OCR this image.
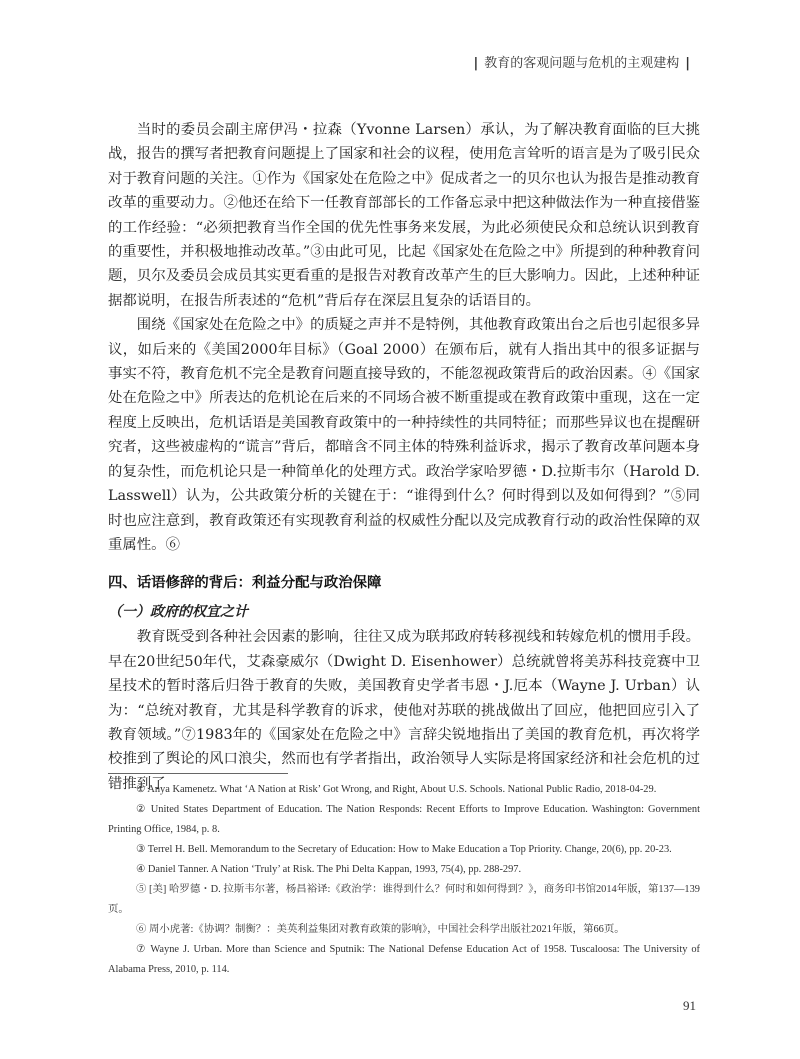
| 教育的客观问题与危机的主观建构 |

当时的委员会副主席伊冯・拉森（Yvonne Larsen）承认，为了解决教育面临的巨大挑战，报告的撰写者把教育问题提上了国家和社会的议程，使用危言耸听的语言是为了吸引民众对于教育问题的关注。①作为《国家处在危险之中》促成者之一的贝尔也认为报告是推动教育改革的重要动力。②他还在给下一任教育部部长的工作备忘录中把这种做法作为一种直接借鉴的工作经验：“必须把教育当作全国的优先性事务来发展，为此必须使民众和总统认识到教育的重要性，并积极地推动改革。”③由此可见，比起《国家处在危险之中》所提到的种种教育问题，贝尔及委员会成员其实更看重的是报告对教育改革产生的巨大影响力。因此，上述种种证据都说明，在报告所表述的“危机”背后存在深层且复杂的话语目的。

围绕《国家处在危险之中》的质疑之声并不是特例，其他教育政策出台之后也引起很多异议，如后来的《美国2000年目标》（Goal 2000）在颁布后，就有人指出其中的很多证据与事实不符，教育危机不完全是教育问题直接导致的，不能忽视政策背后的政治因素。④《国家处在危险之中》所表达的危机论在后来的不同场合被不断重提或在教育政策中重现，这在一定程度上反映出，危机话语是美国教育政策中的一种持续性的共同特征；而那些异议也在提醒研究者，这些被虚构的“谎言”背后，都暗含不同主体的特殊利益诉求，揭示了教育改革问题本身的复杂性，而危机论只是一种简单化的处理方式。政治学家哈罗德・D.拉斯韦尔（Harold D. Lasswell）认为，公共政策分析的关键在于：“谁得到什么？何时得到以及如何得到？”⑤同时也应注意到，教育政策还有实现教育利益的权威性分配以及完成教育行动的政治性保障的双重属性。⑥

四、话语修辞的背后：利益分配与政治保障
（一）政府的权宜之计

教育既受到各种社会因素的影响，往往又成为联邦政府转移视线和转嫁危机的惯用手段。早在20世纪50年代，艾森豪威尔（Dwight D. Eisenhower）总统就曾将美苏科技竞赛中卫星技术的暂时落后归咎于教育的失败，美国教育史学者韦恩・J.厄本（Wayne J. Urban）认为：“总统对教育，尤其是科学教育的诉求，使他对苏联的挑战做出了回应，他把回应引入了教育领域。”⑦1983年的《国家处在危险之中》言辞尖锐地指出了美国的教育危机，再次将学校推到了舆论的风口浪尖，然而也有学者指出，政治领导人实际是将国家经济和社会危机的过错推到了

① Anya Kamenetz. What ‘A Nation at Risk’ Got Wrong, and Right, About U.S. Schools. National Public Radio, 2018-04-29.

② United States Department of Education. The Nation Responds: Recent Efforts to Improve Education. Washington: Government Printing Office, 1984, p. 8.

③ Terrel H. Bell. Memorandum to the Secretary of Education: How to Make Education a Top Priority. Change, 20(6), pp. 20-23.

④ Daniel Tanner. A Nation ‘Truly’ at Risk. The Phi Delta Kappan, 1993, 75(4), pp. 288-297.

⑤ [美] 哈罗德・D. 拉斯韦尔著，杨昌裕译:《政治学：谁得到什么？何时和如何得到？》，商务印书馆2014年版，第137—139页。

⑥ 周小虎著:《协调？制衡？：美英利益集团对教育政策的影响》，中国社会科学出版社2021年版，第66页。

⑦ Wayne J. Urban. More than Science and Sputnik: The National Defense Education Act of 1958. Tuscaloosa: The University of Alabama Press, 2010, p. 114.

91
